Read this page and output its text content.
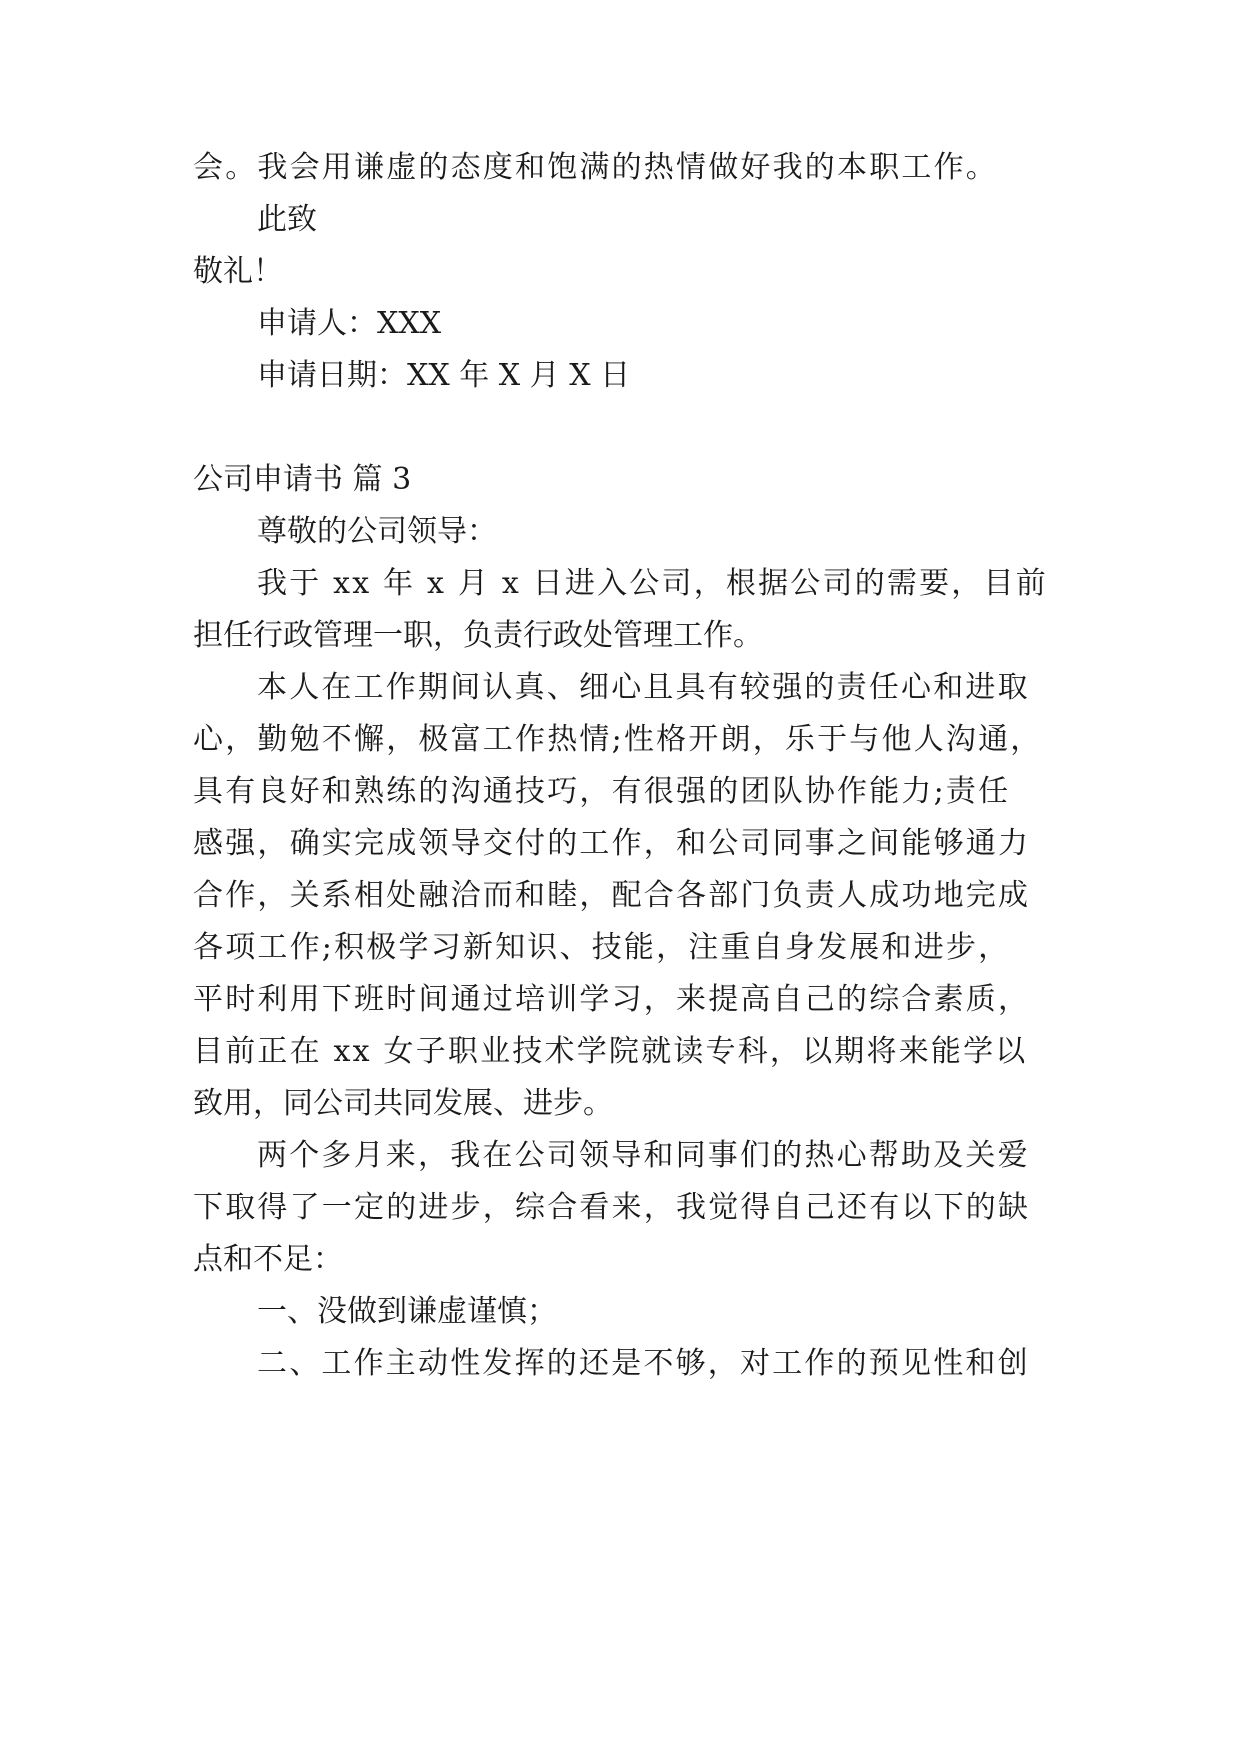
会。我会用谦虚的态度和饱满的热情做好我的本职工作。
此致
敬礼！
申请人：XXX
申请日期：XX 年 X 月 X 日
公司申请书 篇 3
尊敬的公司领导：
我于 xx 年 x 月 x 日进入公司，根据公司的需要，目前
担任行政管理一职，负责行政处管理工作。
本人在工作期间认真、细心且具有较强的责任心和进取
心，勤勉不懈，极富工作热情;性格开朗，乐于与他人沟通，
具有良好和熟练的沟通技巧，有很强的团队协作能力;责任
感强，确实完成领导交付的工作，和公司同事之间能够通力
合作，关系相处融洽而和睦，配合各部门负责人成功地完成
各项工作;积极学习新知识、技能，注重自身发展和进步，
平时利用下班时间通过培训学习，来提高自己的综合素质，
目前正在 xx 女子职业技术学院就读专科，以期将来能学以
致用，同公司共同发展、进步。
两个多月来，我在公司领导和同事们的热心帮助及关爱
下取得了一定的进步，综合看来，我觉得自己还有以下的缺
点和不足：
一、没做到谦虚谨慎；
二、工作主动性发挥的还是不够，对工作的预见性和创
